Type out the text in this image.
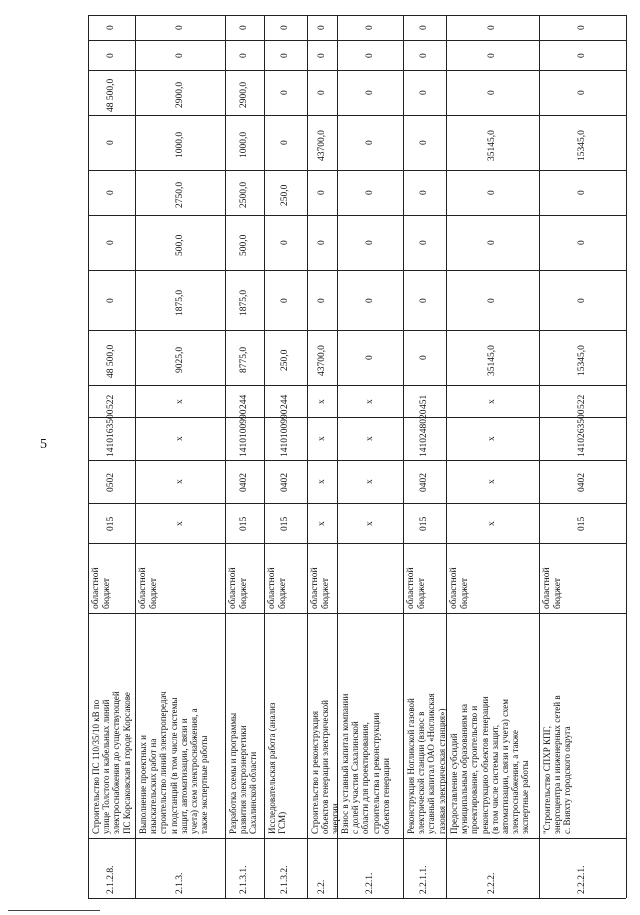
5
2.1.2.8.
Строительство ПС 110/35/10 кВ по улице Толстого и кабельных линий электроснабжения до существующей ПС Корсаковская в городе Корсакове
областной бюджет
015
0502
1410163500
522
48 500,0
0
0
0
0
48 500,0
0
0
2.1.3.
Выполнение проектных и изыскательских работ на строительство линий электропередач и подстанций (в том числе системы защит, автоматизации, связи и учета) схем электроснабжения, а также экспертные работы
областной бюджет
х
х
х
х
9025,0
1875,0
500,0
2750,0
1000,0
2900,0
0
0
2.1.3.1.
Разработка схемы и программы развития электроэнергетики Сахалинской области
областной бюджет
015
0402
1410100990
244
8775,0
1875,0
500,0
2500,0
1000,0
2900,0
0
0
2.1.3.2.
Исследовательская работа (анализ ГСМ)
областной бюджет
015
0402
1410100990
244
250,0
0
0
250,0
0
0
0
0
2.2.
Строительство и реконструкция объектов генерации электрической энергии
областной бюджет
х
х
х
х
43700,0
0
0
0
43700,0
0
0
0
2.2.1.
Взнос в уставный капитал компании с долей участия Сахалинской области для проектирования, строительства и реконструкции объектов генерации
х
х
х
х
0
0
0
0
0
0
0
0
2.2.1.1.
Реконструкция Ногликской газовой электрической станции (взнос в уставный капитал ОАО «Ногликская газовая электрическая станция»)
областной бюджет
015
0402
1410248020
451
0
0
0
0
0
0
0
0
2.2.2.
Предоставление субсидий муниципальным образованиям на проектирование, строительство и реконструкцию объектов генерации (в том числе системы защит, автоматизации, связи и учета) схем электроснабжения, а также экспертные работы
областной бюджет
х
х
х
х
35145,0
0
0
0
35145,0
0
0
0
2.2.2.1.
"Строительство СПХР КПГ, энергоцентра и инженерных сетей в с. Вияхту городского округа
областной бюджет
015
0402
1410263500
522
15345,0
0
0
0
15345,0
0
0
0
